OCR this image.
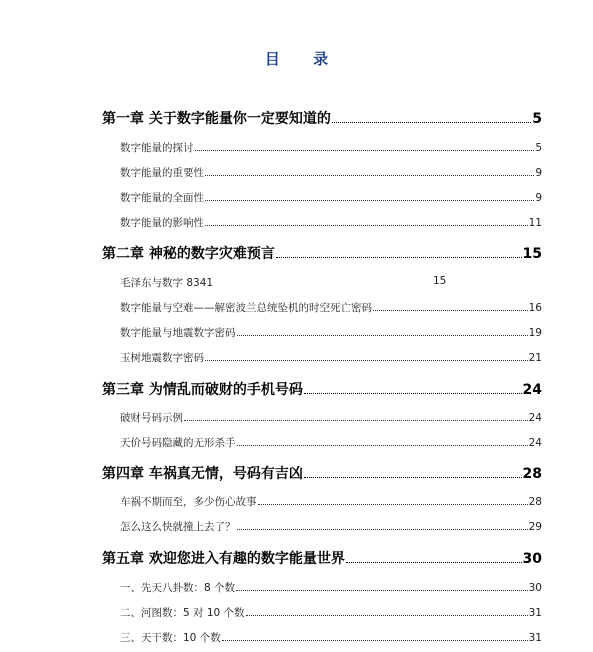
目 录
第一章 关于数字能量你一定要知道的	5
数字能量的探讨	5
数字能量的重要性	9
数字能量的全面性	9
数字能量的影响性	11
第二章 神秘的数字灾难预言	15
毛泽东与数字 8341	15
数字能量与空难——解密波兰总统坠机的时空死亡密码	16
数字能量与地震数字密码	19
玉树地震数字密码	21
第三章 为情乱而破财的手机号码	24
破财号码示例	24
天价号码隐藏的无形杀手	24
第四章 车祸真无情，号码有吉凶	28
车祸不期而至，多少伤心故事	28
怎么这么快就撞上去了？	29
第五章 欢迎您进入有趣的数字能量世界	30
一、先天八卦数：8 个数	30
二、河图数：5 对 10 个数	31
三、天干数：10 个数	31
